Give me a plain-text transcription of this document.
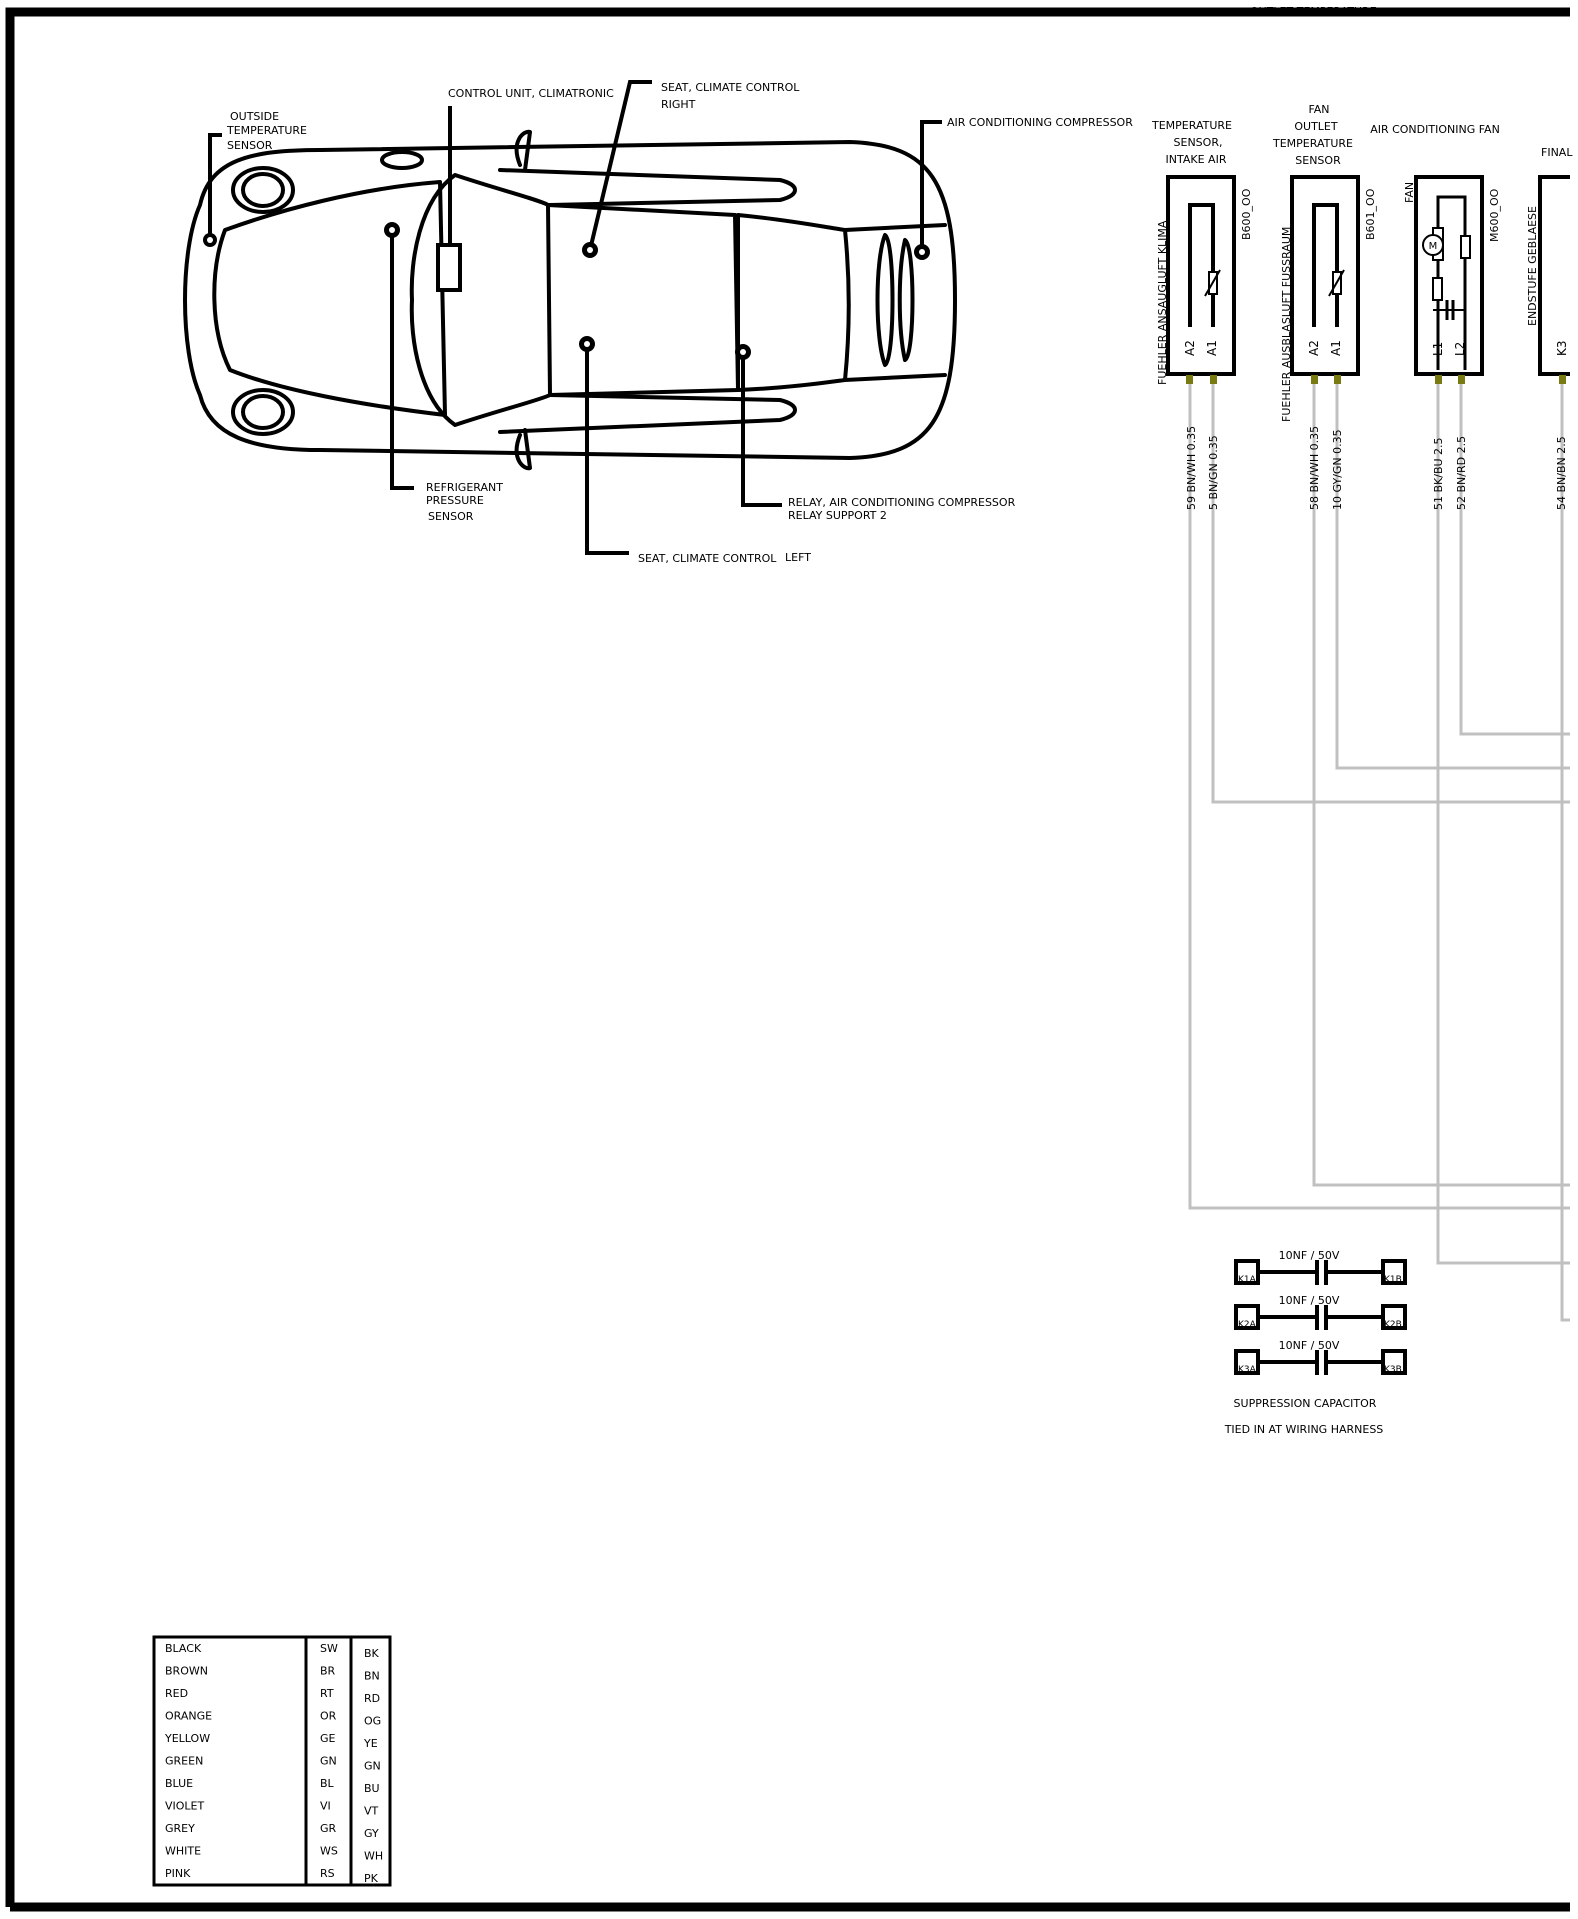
OUTLET TEMPERATURE
OUTSIDE
TEMPERATURE
SENSOR
CONTROL UNIT, CLIMATRONIC	SEAT, CLIMATE CONTROL
RIGHT
AIR CONDITIONING COMPRESSOR
REFRIGERANT
PRESSURE
SENSOR
RELAY, AIR CONDITIONING COMPRESSOR
RELAY SUPPORT 2
SEAT, CLIMATE CONTROL LEFT
TEMPERATURE
SENSOR,
INTAKE AIR
FUEHLER ANSAUGLUFT KLIMA
B600_OO
A2 A1
FAN
OUTLET
TEMPERATURE
SENSOR
FUEHLER AUSBLASLUFT FUSSRAUM
B601_OO
A2 A1
AIR CONDITIONING FAN
FAN	M600_OO
M
L1 L2
FINAL
ENDSTUFE GEBLAESE
K3
59 BN/WH 0.35 5 BN/GN 0.35	58 BN/WH 0.35 10 GY/GN 0.35	51 BK/BU 2.5 52 BN/RD 2.5	54 BN/BN 2.5
10NF / 50V
K1A	K1B
10NF / 50V
K2A	K2B
10NF / 50V
K3A	K3B
SUPPRESSION CAPACITOR
TIED IN AT WIRING HARNESS
BLACK	SW BK
BROWN	BR	BN
RED	RT	RD
ORANGE	OR	OG
YELLOW	GE	YE
GREEN	GN GN
BLUE	BL	BU
VIOLET	VI	VT
GREY	GR	GY
WHITE	WS WH
PINK	RS	PK
